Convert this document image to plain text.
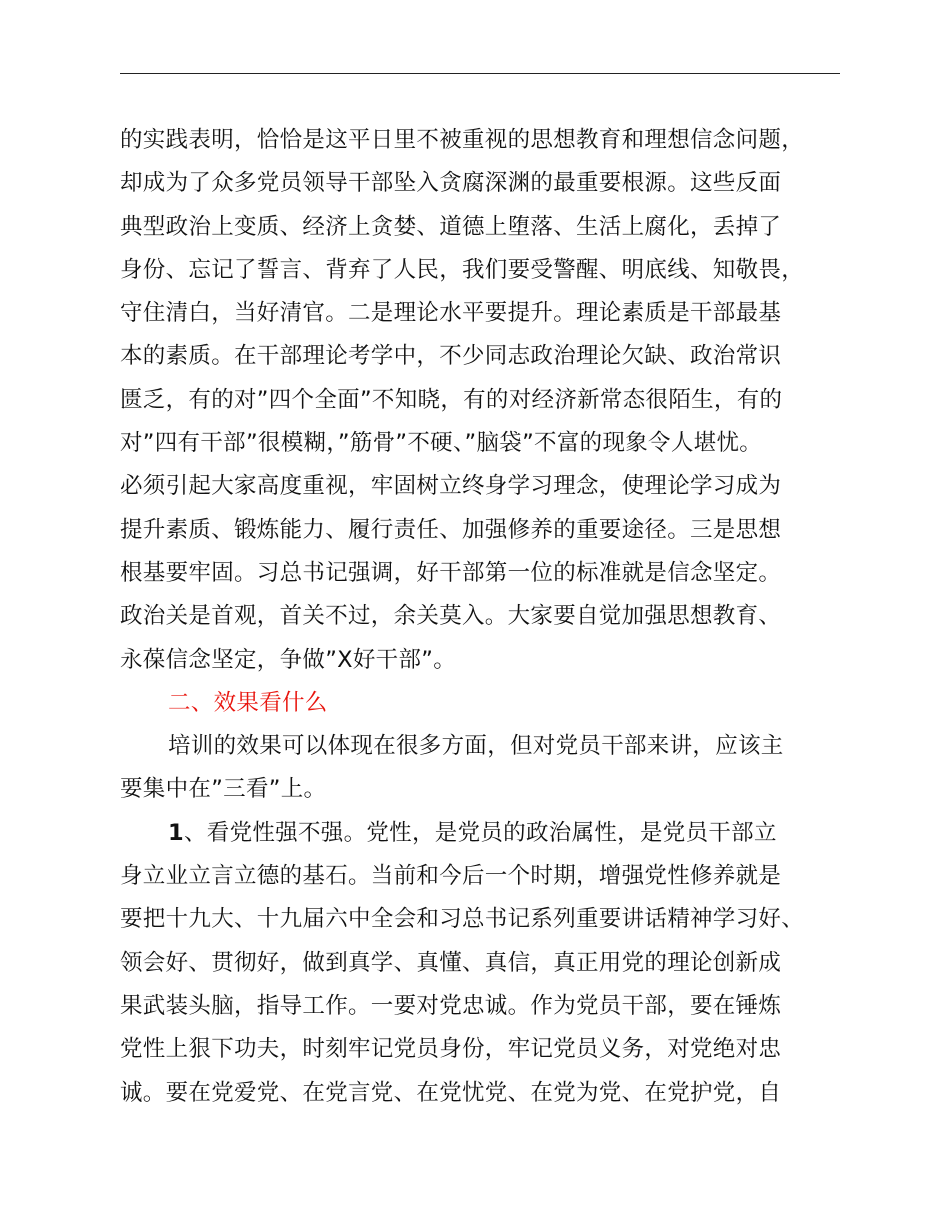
的实践表明，恰恰是这平日里不被重视的思想教育和理想信念问题，
却成为了众多党员领导干部坠入贪腐深渊的最重要根源。这些反面
典型政治上变质、经济上贪婪、道德上堕落、生活上腐化，丢掉了
身份、忘记了誓言、背弃了人民，我们要受警醒、明底线、知敬畏，
守住清白，当好清官。二是理论水平要提升。理论素质是干部最基
本的素质。在干部理论考学中，不少同志政治理论欠缺、政治常识
匮乏，有的对”四个全面”不知晓，有的对经济新常态很陌生，有的
对”四有干部”很模糊，”筋骨”不硬、”脑袋”不富的现象令人堪忧。
必须引起大家高度重视，牢固树立终身学习理念，使理论学习成为
提升素质、锻炼能力、履行责任、加强修养的重要途径。三是思想
根基要牢固。习总书记强调，好干部第一位的标准就是信念坚定。
政治关是首观，首关不过，余关莫入。大家要自觉加强思想教育、
永葆信念坚定，争做”X好干部”。
二、效果看什么
培训的效果可以体现在很多方面，但对党员干部来讲，应该主
要集中在”三看”上。
1、看党性强不强。党性，是党员的政治属性，是党员干部立
身立业立言立德的基石。当前和今后一个时期，增强党性修养就是
要把十九大、十九届六中全会和习总书记系列重要讲话精神学习好、
领会好、贯彻好，做到真学、真懂、真信，真正用党的理论创新成
果武装头脑，指导工作。一要对党忠诚。作为党员干部，要在锤炼
党性上狠下功夫，时刻牢记党员身份，牢记党员义务，对党绝对忠
诚。要在党爱党、在党言党、在党忧党、在党为党、在党护党，自
